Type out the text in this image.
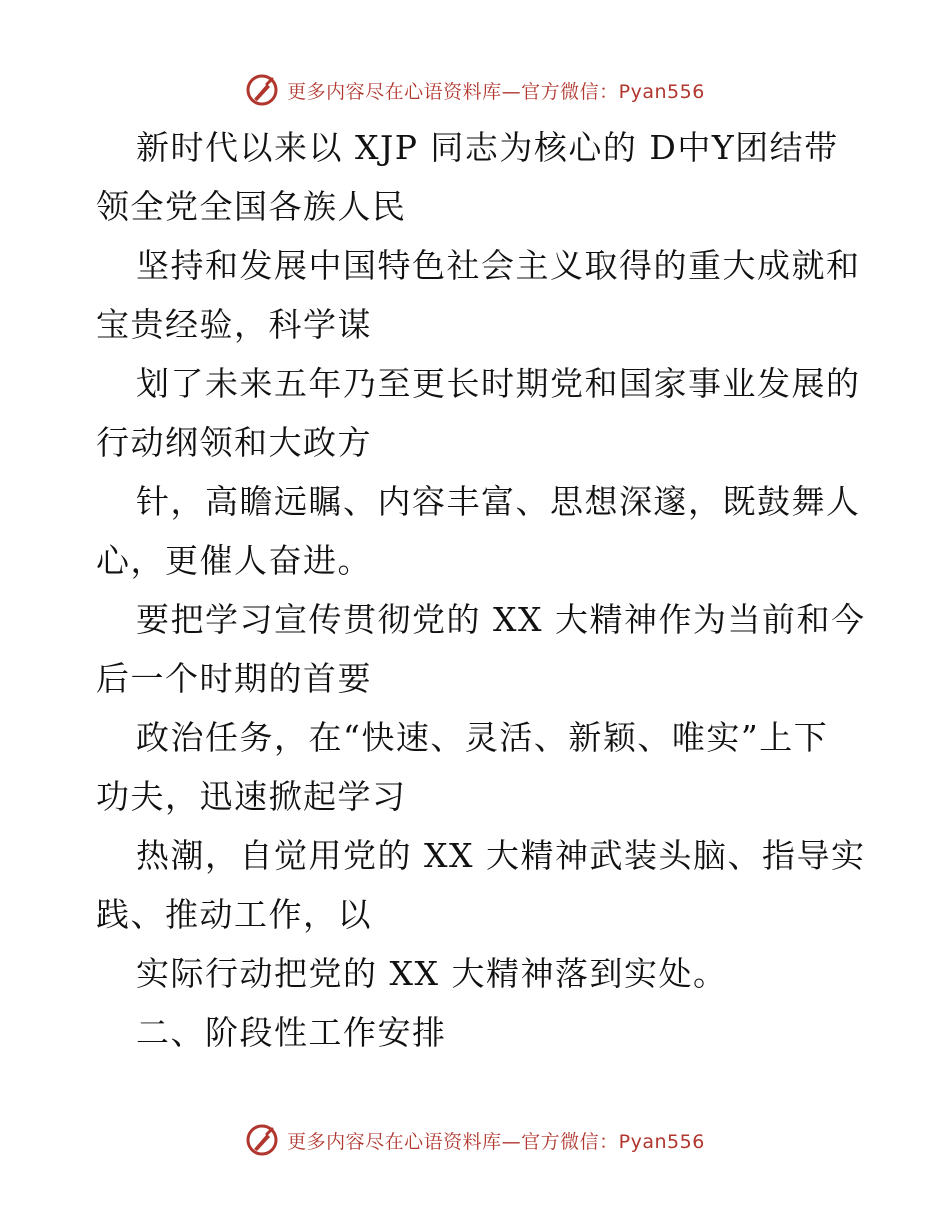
更多内容尽在心语资料库—官方微信：Pyan556

新时代以来以 XJP 同志为核心的 D中Y团结带
领全党全国各族人民

坚持和发展中国特色社会主义取得的重大成就和
宝贵经验，科学谋

划了未来五年乃至更长时期党和国家事业发展的
行动纲领和大政方

针，高瞻远瞩、内容丰富、思想深邃，既鼓舞人
心，更催人奋进。

要把学习宣传贯彻党的 XX 大精神作为当前和今
后一个时期的首要

政治任务，在“快速、灵活、新颖、唯实”上下
功夫，迅速掀起学习

热潮，自觉用党的 XX 大精神武装头脑、指导实
践、推动工作，以

实际行动把党的 XX 大精神落到实处。

二、阶段性工作安排

更多内容尽在心语资料库—官方微信：Pyan556
